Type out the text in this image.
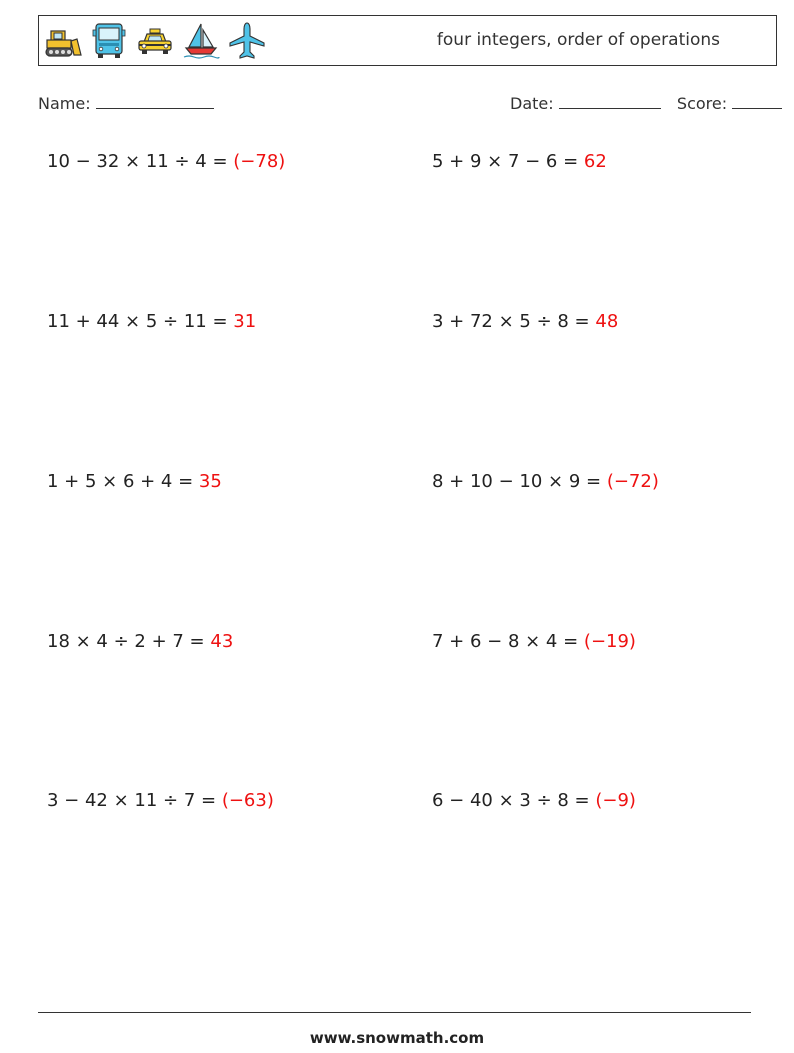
four integers, order of operations
Name:	Date:	Score:
10 − 32 × 11 ÷ 4 = (−78)	5 + 9 × 7 − 6 = 62
11 + 44 × 5 ÷ 11 = 31	3 + 72 × 5 ÷ 8 = 48
1 + 5 × 6 + 4 = 35	8 + 10 − 10 × 9 = (−72)
18 × 4 ÷ 2 + 7 = 43	7 + 6 − 8 × 4 = (−19)
3 − 42 × 11 ÷ 7 = (−63)	6 − 40 × 3 ÷ 8 = (−9)
www.snowmath.com
